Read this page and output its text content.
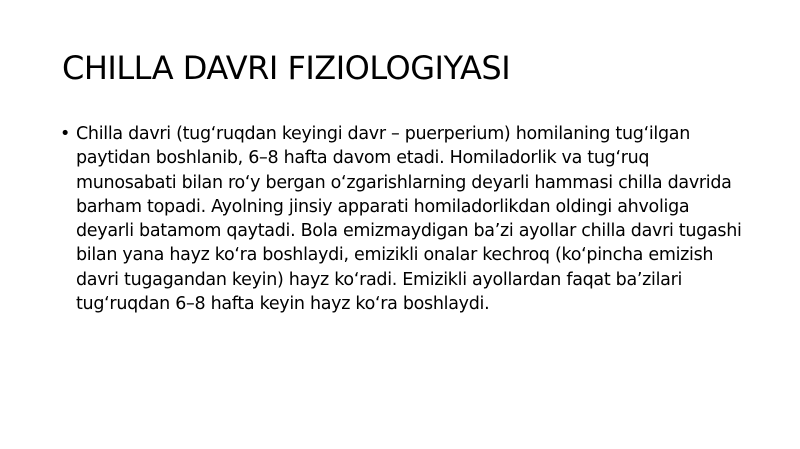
CHILLA DAVRI FIZIOLOGIYASI
• Chilla davri (tug‘ruqdan keyingi davr – puerperium) homilaning tug‘ilgan paytidan boshlanib, 6–8 hafta davom etadi. Homiladorlik va tug‘ruq munosabati bilan ro‘y bergan o‘zgarishlarning deyarli hammasi chilla davrida barham topadi. Ayolning jinsiy apparati homiladorlikdan oldingi ahvoliga deyarli batamom qaytadi. Bola emizmaydigan ba’zi ayollar chilla davri tugashi bilan yana hayz ko‘ra boshlaydi, emizikli onalar kechroq (ko‘pincha emizish davri tugagandan keyin) hayz ko‘radi. Emizikli ayollardan faqat ba’zilari tug‘ruqdan 6–8 hafta keyin hayz ko‘ra boshlaydi.
